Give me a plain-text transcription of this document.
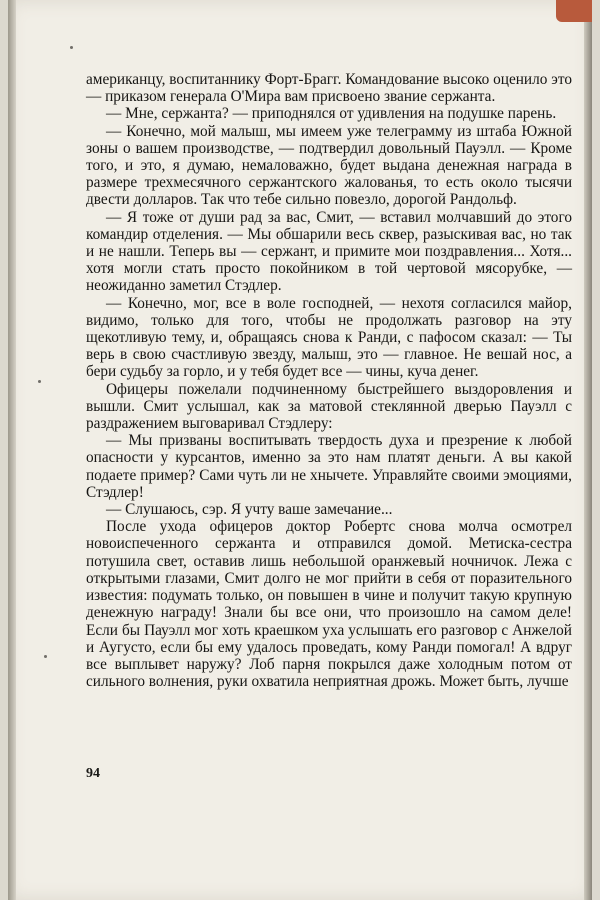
американцу, воспитаннику Форт-Брагг. Командование высоко оценило это — приказом генерала О'Мира вам присвоено звание сержанта.

— Мне, сержанта? — приподнялся от удивления на подушке парень.

— Конечно, мой малыш, мы имеем уже телеграмму из штаба Южной зоны о вашем производстве, — подтвердил довольный Пауэлл. — Кроме того, и это, я думаю, немаловажно, будет выдана денежная награда в размере трехмесячного сержантского жалованья, то есть около тысячи двести долларов. Так что тебе сильно повезло, дорогой Рандольф.

— Я тоже от души рад за вас, Смит, — вставил молчавший до этого командир отделения. — Мы обшарили весь сквер, разыскивая вас, но так и не нашли. Теперь вы — сержант, и примите мои поздравления... Хотя... хотя могли стать просто покойником в той чертовой мясорубке, — неожиданно заметил Стэдлер.

— Конечно, мог, все в воле господней, — нехотя согласился майор, видимо, только для того, чтобы не продолжать разговор на эту щекотливую тему, и, обращаясь снова к Ранди, с пафосом сказал: — Ты верь в свою счастливую звезду, малыш, это — главное. Не вешай нос, а бери судьбу за горло, и у тебя будет все — чины, куча денег.

Офицеры пожелали подчиненному быстрейшего выздоровления и вышли. Смит услышал, как за матовой стеклянной дверью Пауэлл с раздражением выговаривал Стэдлеру:

— Мы призваны воспитывать твердость духа и презрение к любой опасности у курсантов, именно за это нам платят деньги. А вы какой подаете пример? Сами чуть ли не хнычете. Управляйте своими эмоциями, Стэдлер!

— Слушаюсь, сэр. Я учту ваше замечание...

После ухода офицеров доктор Робертс снова молча осмотрел новоиспеченного сержанта и отправился домой. Метиска-сестра потушила свет, оставив лишь небольшой оранжевый ночничок. Лежа с открытыми глазами, Смит долго не мог прийти в себя от поразительного известия: подумать только, он повышен в чине и получит такую крупную денежную награду! Знали бы все они, что произошло на самом деле! Если бы Пауэлл мог хоть краешком уха услышать его разговор с Анжелой и Аугусто, если бы ему удалось проведать, кому Ранди помогал! А вдруг все выплывет наружу? Лоб парня покрылся даже холодным потом от сильного волнения, руки охватила неприятная дрожь. Может быть, лучше

94
